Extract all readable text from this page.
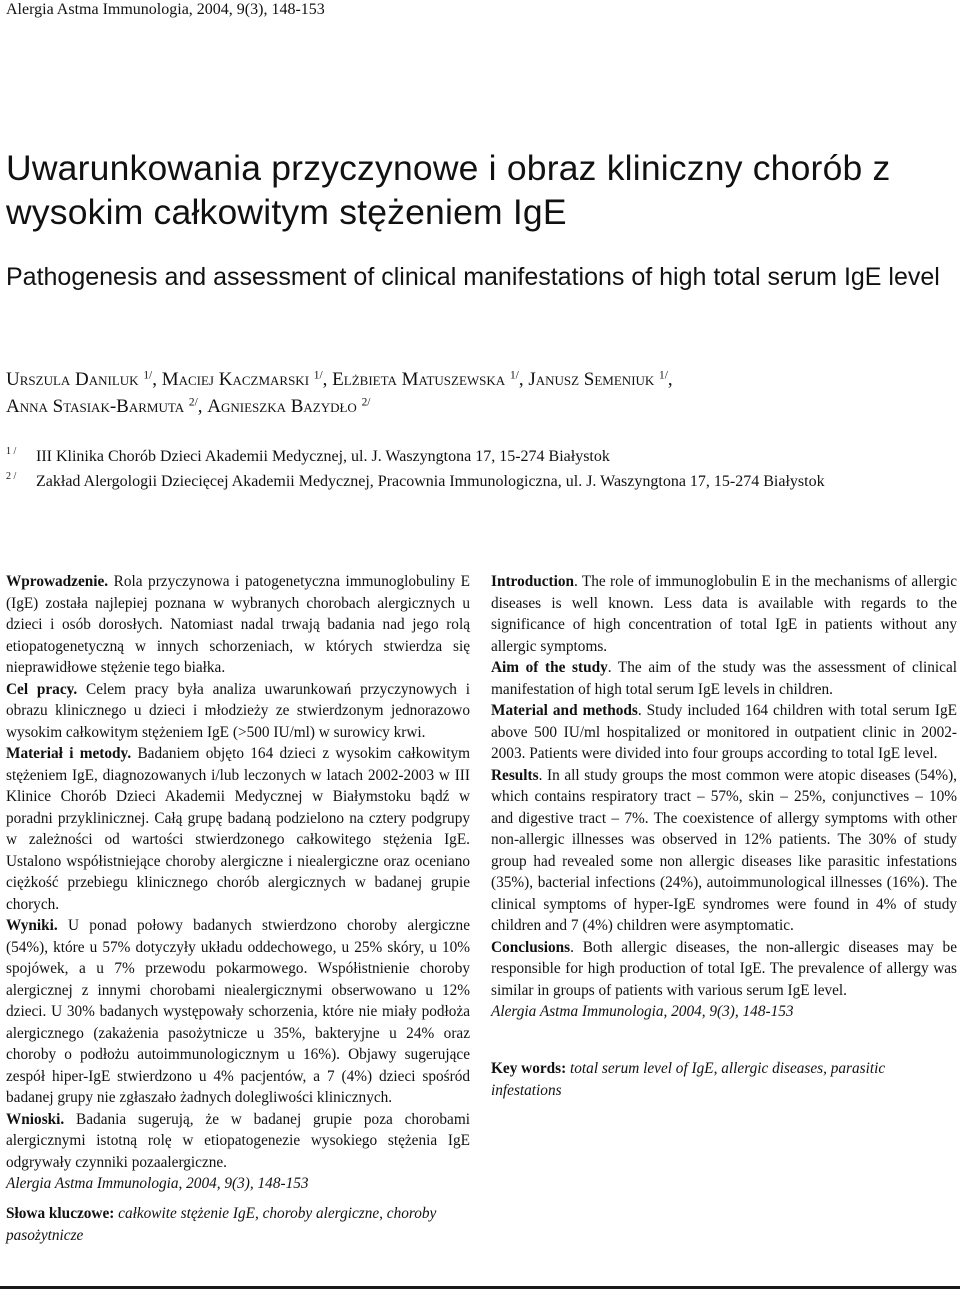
Alergia Astma Immunologia, 2004, 9(3), 148-153
Uwarunkowania przyczynowe i obraz kliniczny chorób z wysokim całkowitym stężeniem IgE
Pathogenesis and assessment of clinical manifestations of high total serum IgE level
Urszula Daniluk $^{1/}$, Maciej Kaczmarski $^{1/}$, Elżbieta Matuszewska $^{1/}$, Janusz Semeniuk $^{1/}$,
Anna Stasiak-Barmuta $^{2/}$, Agnieszka Bazydło $^{2/}$
1 / III Klinika Chorób Dzieci Akademii Medycznej, ul. J. Waszyngtona 17, 15-274 Białystok
2 / Zakład Alergologii Dziecięcej Akademii Medycznej, Pracownia Immunologiczna, ul. J. Waszyngtona 17, 15-274 Białystok

Wprowadzenie. Rola przyczynowa i patogenetyczna immunoglobuliny E (IgE) została najlepiej poznana w wybranych chorobach alergicznych u dzieci i osób dorosłych. Natomiast nadal trwają badania nad jego rolą etiopatogenetyczną w innych schorzeniach, w których stwierdza się nieprawidłowe stężenie tego białka.

Cel pracy. Celem pracy była analiza uwarunkowań przyczynowych i obrazu klinicznego u dzieci i młodzieży ze stwierdzonym jednorazowo wysokim całkowitym stężeniem IgE (>500 IU/ml) w surowicy krwi.

Materiał i metody. Badaniem objęto 164 dzieci z wysokim całkowitym stężeniem IgE, diagnozowanych i/lub leczonych w latach 2002-2003 w III Klinice Chorób Dzieci Akademii Medycznej w Białymstoku bądź w poradni przyklinicznej. Całą grupę badaną podzielono na cztery podgrupy w zależności od wartości stwierdzonego całkowitego stężenia IgE. Ustalono współistniejące choroby alergiczne i niealergiczne oraz oceniano ciężkość przebiegu klinicznego chorób alergicznych w badanej grupie chorych.

Wyniki. U ponad połowy badanych stwierdzono choroby alergiczne (54%), które u 57% dotyczyły układu oddechowego, u 25% skóry, u 10% spojówek, a u 7% przewodu pokarmowego. Współistnienie choroby alergicznej z innymi chorobami niealergicznymi obserwowano u 12% dzieci. U 30% badanych występowały schorzenia, które nie miały podłoża alergicznego (zakażenia pasożytnicze u 35%, bakteryjne u 24% oraz choroby o podłożu autoimmunologicznym u 16%). Objawy sugerujące zespół hiper-IgE stwierdzono u 4% pacjentów, a 7 (4%) dzieci spośród badanej grupy nie zgłaszało żadnych dolegliwości klinicznych.

Wnioski. Badania sugerują, że w badanej grupie poza chorobami alergicznymi istotną rolę w etiopatogenezie wysokiego stężenia IgE odgrywały czynniki pozaalergiczne.

Alergia Astma Immunologia, 2004, 9(3), 148-153

Słowa kluczowe: całkowite stężenie IgE, choroby alergiczne, choroby pasożytnicze

Introduction. The role of immunoglobulin E in the mechanisms of allergic diseases is well known. Less data is available with regards to the significance of high concentration of total IgE in patients without any allergic symptoms.

Aim of the study. The aim of the study was the assessment of clinical manifestation of high total serum IgE levels in children.

Material and methods. Study included 164 children with total serum IgE above 500 IU/ml hospitalized or monitored in outpatient clinic in 2002-2003. Patients were divided into four groups according to total IgE level.

Results. In all study groups the most common were atopic diseases (54%), which contains respiratory tract – 57%, skin – 25%, conjunctives – 10% and digestive tract – 7%. The coexistence of allergy symptoms with other non-allergic illnesses was observed in 12% patients. The 30% of study group had revealed some non allergic diseases like parasitic infestations (35%), bacterial infections (24%), autoimmunological illnesses (16%). The clinical symptoms of hyper-IgE syndromes were found in 4% of study children and 7 (4%) children were asymptomatic.

Conclusions. Both allergic diseases, the non-allergic diseases may be responsible for high production of total IgE. The prevalence of allergy was similar in groups of patients with various serum IgE level.

Alergia Astma Immunologia, 2004, 9(3), 148-153

Key words: total serum level of IgE, allergic diseases, parasitic infestations
